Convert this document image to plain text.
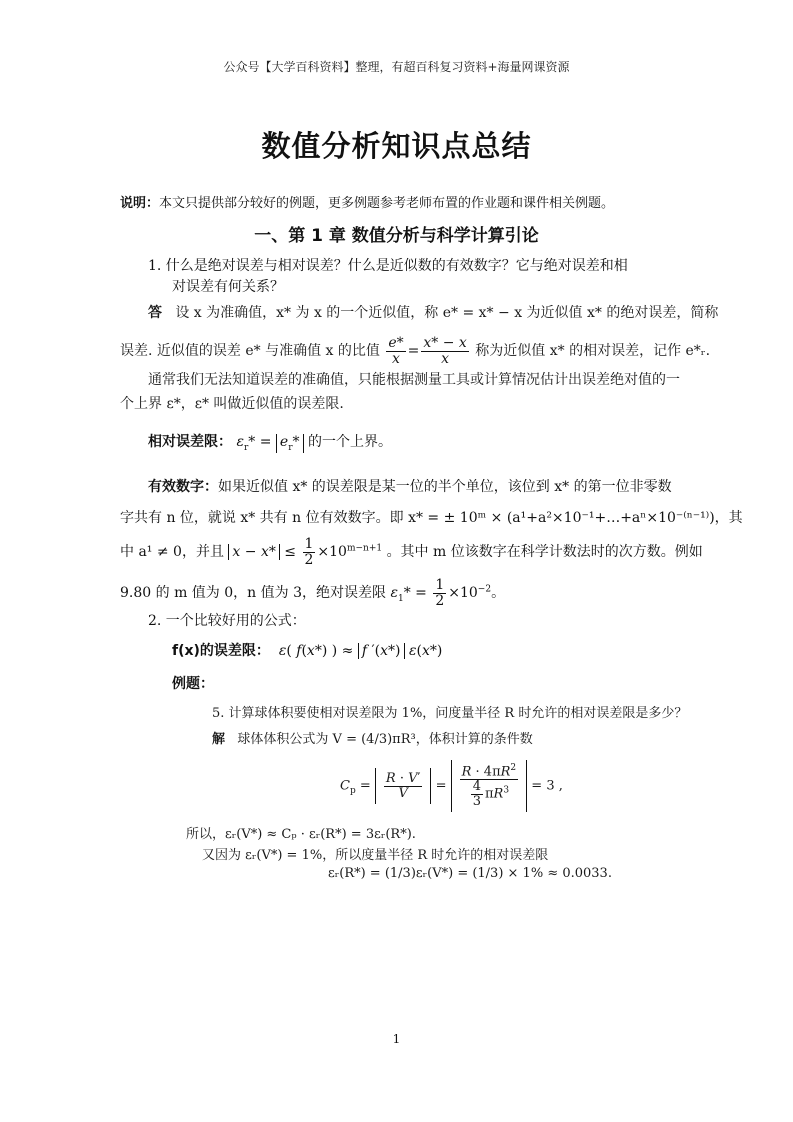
公众号【大学百科资料】整理，有超百科复习资料+海量网课资源
数值分析知识点总结
说明：本文只提供部分较好的例题，更多例题参考老师布置的作业题和课件相关例题。
一、第 1 章 数值分析与科学计算引论
1. 什么是绝对误差与相对误差？什么是近似数的有效数字？它与绝对误差和相
对误差有何关系？
答 设 x 为准确值，x* 为 x 的一个近似值，称 e* = x* − x 为近似值 x* 的绝对误差，简称
误差. 近似值的误差 e* 与准确值 x 的比值 $\frac{e*}{x} = \frac{x* - x}{x}$ 称为近似值 x* 的相对误差，记作 e*ᵣ.
通常我们无法知道误差的准确值，只能根据测量工具或计算情况估计出误差绝对值的一
个上界 ε*，ε* 叫做近似值的误差限.
相对误差限： $\varepsilon_r* = e_r*$ 的一个上界。
有效数字：如果近似值 x* 的误差限是某一位的半个单位，该位到 x* 的第一位非零数
字共有 n 位，就说 x* 共有 n 位有效数字。即 x* = ± 10ᵐ × (a¹+a²×10⁻¹+…+aⁿ×10⁻⁽ⁿ⁻¹⁾)，其
中 a¹ ≠ 0，并且 $x - x* \le \frac{1}{2} \times 10^{m-n+1}$ 。其中 m 位该数字在科学计数法时的次方数。例如
9.80 的 m 值为 0，n 值为 3，绝对误差限 $\varepsilon_1* = \frac{1}{2} \times 10^{-2}$。
2. 一个比较好用的公式：
f(x)的误差限： ε( f(x*) ) ≈ f ′(x*) ε(x*)
例题：
5. 计算球体积要使相对误差限为 1%，问度量半径 R 时允许的相对误差限是多少？
解 球体体积公式为 V = (4/3)πR³，体积计算的条件数
$C_p = \frac{R \cdot V'}{V} = \frac{R \cdot 4\pi R^2}{\frac{4}{3} \pi R^3} = 3$ ,
所以，εᵣ(V*) ≈ Cₚ · εᵣ(R*) = 3εᵣ(R*).
又因为 εᵣ(V*) = 1%，所以度量半径 R 时允许的相对误差限
εᵣ(R*) = (1/3)εᵣ(V*) = (1/3) × 1% ≈ 0.0033.
1
